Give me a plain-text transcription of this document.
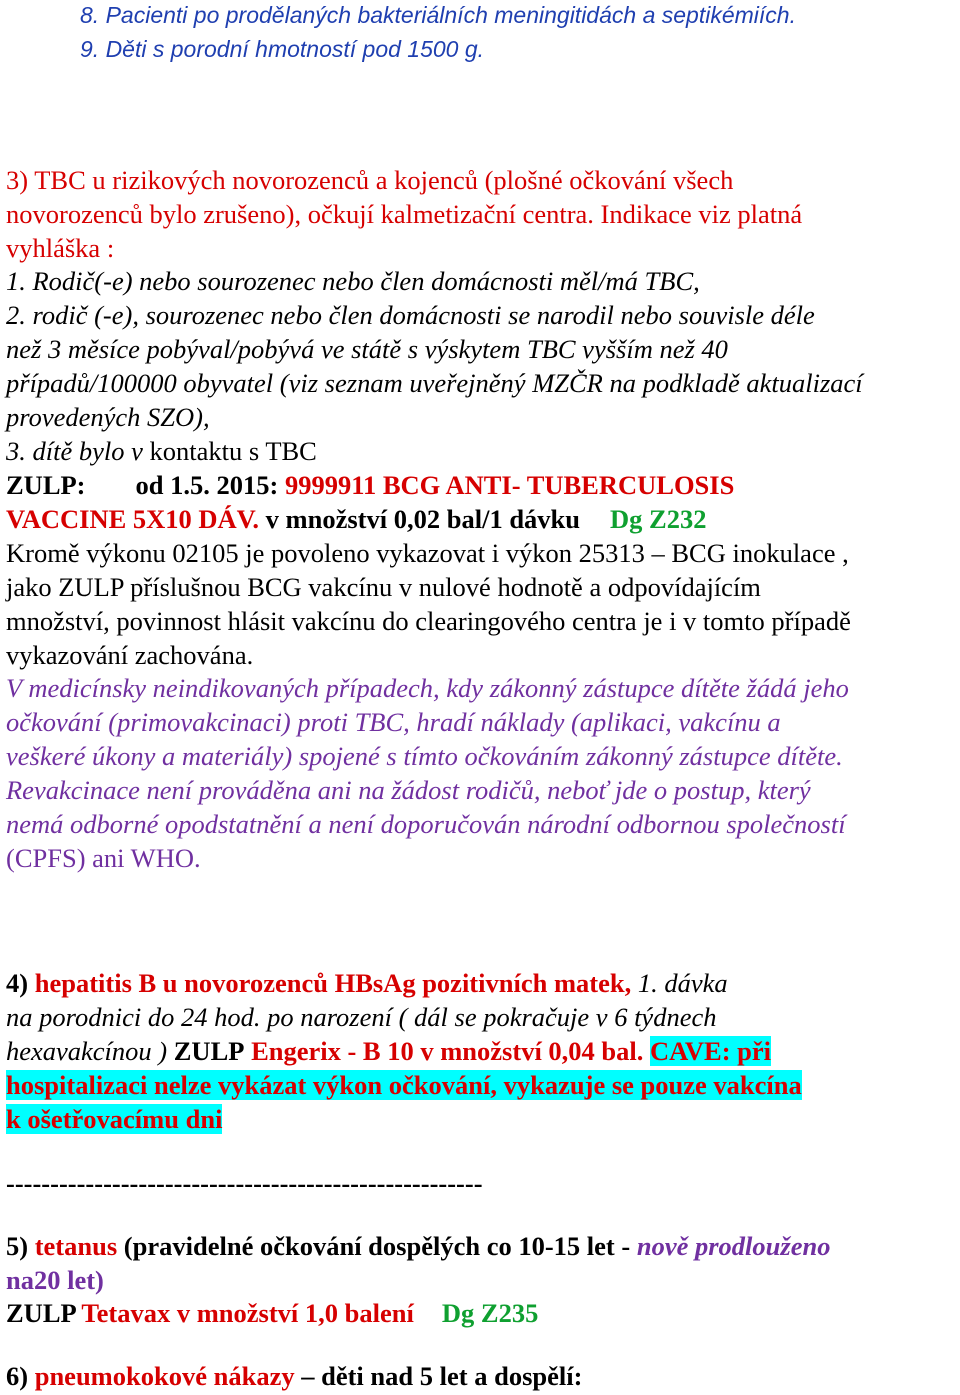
8. Pacienti po prodělaných bakteriálních meningitidách a septikémiích.
9. Děti s porodní hmotností pod 1500 g.
3) TBC u rizikových novorozenců a kojenců (plošné očkování všech
novorozenců bylo zrušeno), očkují kalmetizační centra. Indikace viz platná
vyhláška :
1. Rodič(-e) nebo sourozenec nebo člen domácnosti měl/má TBC,
2. rodič (-e), sourozenec nebo člen domácnosti se narodil nebo souvisle déle
než 3 měsíce pobýval/pobývá ve státě s výskytem TBC vyšším než 40
případů/100000 obyvatel (viz seznam uveřejněný MZČR na podkladě aktualizací
provedených SZO),
3. dítě bylo v kontaktu s TBC
ZULP: od 1.5. 2015: 9999911 BCG ANTI- TUBERCULOSIS
VACCINE 5X10 DÁV. v množství 0,02 bal/1 dávku Dg Z232
Kromě výkonu 02105 je povoleno vykazovat i výkon 25313 – BCG inokulace ,
jako ZULP příslušnou BCG vakcínu v nulové hodnotě a odpovídajícím
množství, povinnost hlásit vakcínu do clearingového centra je i v tomto případě
vykazování zachována.
V medicínsky neindikovaných případech, kdy zákonný zástupce dítěte žádá jeho
očkování (primovakcinaci) proti TBC, hradí náklady (aplikaci, vakcínu a
veškeré úkony a materiály) spojené s tímto očkováním zákonný zástupce dítěte.
Revakcinace není prováděna ani na žádost rodičů, neboť jde o postup, který
nemá odborné opodstatnění a není doporučován národní odbornou společností
(CPFS) ani WHO.
4) hepatitis B u novorozenců HBsAg pozitivních matek, 1. dávka
na porodnici do 24 hod. po narození ( dál se pokračuje v 6 týdnech
hexavakcínou ) ZULP Engerix - B 10 v množství 0,04 bal. CAVE: při
hospitalizaci nelze vykázat výkon očkování, vykazuje se pouze vakcína
k ošetřovacímu dni
------------------------------------------------------
5) tetanus (pravidelné očkování dospělých co 10-15 let - nově prodlouženo
na20 let)
ZULP Tetavax v množství 1,0 balení Dg Z235
6) pneumokokové nákazy – děti nad 5 let a dospělí:
